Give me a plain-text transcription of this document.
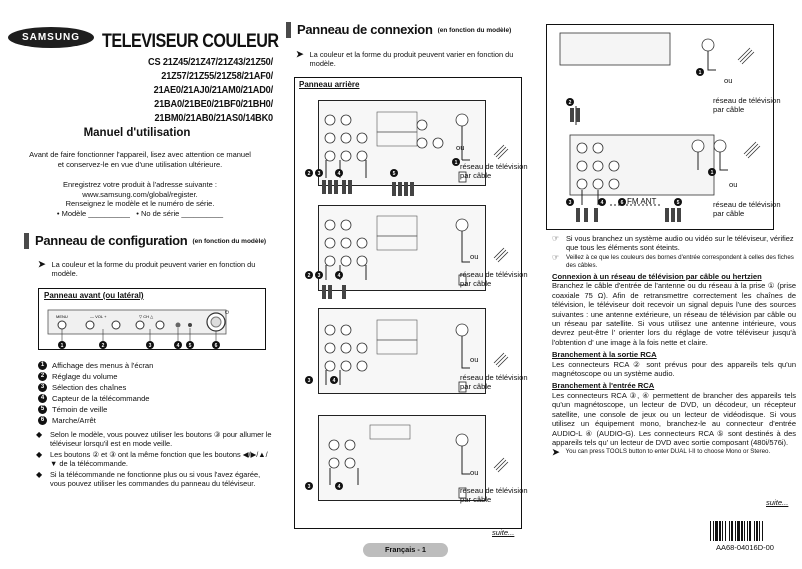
SAMSUNG	TELEVISEUR COULEUR
CS 21Z45/21Z47/21Z43/21Z50/
21Z57/21Z55/21Z58/21AF0/
21AE0/21AJ0/21AM0/21AD0/
21BA0/21BE0/21BF0/21BH0/
21BM0/21AB0/21AS0/14BK0
Manuel d'utilisation
Avant de faire fonctionner l'appareil, lisez avec attention ce manuel et conservez-le en vue d'une utilisation ultérieure.
Enregistrez votre produit à l'adresse suivante :
www.samsung.com/global/register.
Renseignez le modèle et le numéro de série.
• Modèle __________ • No de série __________
Panneau de configuration (en fonction du modèle)
➤ La couleur et la forme du produit peuvent varier en fonction du modèle.
Panneau avant (ou latéral)
MENU	— VOL +	▽ CH △
⏻
1	2	3	4 5	6
1	Affichage des menus à l'écran
2	Réglage du volume
3	Sélection des chaînes
4	Capteur de la télécommande
5	Témoin de veille
6	Marche/Arrêt
◆	Selon le modèle, vous pouvez utiliser les boutons ③ pour allumer le téléviseur lorsqu'il est en mode veille.
◆	Les boutons ② et ③ ont la même fonction que les boutons ◀/▶/▲/▼ de la télécommande.
◆	Si la télécommande ne fonctionne plus ou si vous l'avez égarée, vous pouvez utiliser les commandes du panneau du téléviseur.
Panneau de connexion (en fonction du modèle)
➤ La couleur et la forme du produit peuvent varier en fonction du modèle.
Panneau arrière
2 3	4	5
1
2 3	4
3	4
3	4
ou
réseau de télévision par câble
ou
réseau de télévision par câble
ou
réseau de télévision par câble
ou
réseau de télévision par câble
suite...
Français - 1
2
1
1
3	4	6	5
ou
réseau de télévision par câble
ou
réseau de télévision par câble
FM ANT
☞ Si vous branchez un système audio ou vidéo sur le téléviseur, vérifiez que tous les éléments sont éteints.
☞	Veillez à ce que les couleurs des bornes d'entrée correspondent à celles des fiches des câbles.
Connexion à un réseau de télévision par câble ou hertzien
Branchez le câble d'entrée de l'antenne ou du réseau à la prise ① (prise coaxiale 75 Ω). Afin de retransmettre correctement les chaînes de télévision, le téléviseur doit recevoir un signal depuis l'une des sources suivantes : une antenne extérieure, un réseau de télévision par câble ou un réseau par satellite. Si vous utilisez une antenne intérieure, vous devrez peut-être l' orienter lors du réglage de votre téléviseur jusqu'à l'obtention d' une image à la fois nette et claire.
Branchement à la sortie RCA
Les connecteurs RCA ② sont prévus pour des appareils tels qu'un magnétoscope ou un système audio.
Branchement à l'entrée RCA
Les connecteurs RCA ③, ④ permettent de brancher des appareils tels qu'un magnétoscope, un lecteur de DVD, un décodeur, un récepteur satellite, une console de jeux ou un lecteur de vidéodisque. Si vous utilisez un équipement mono, branchez-le au connecteur d'entrée AUDIO-L ④ (AUDIO-G). Les connecteurs RCA ⑤ sont destinés à des appareils tels qu' un lecteur de DVD avec sortie composant (480i/576i).
➤ You can press TOOLS button to enter DUAL I-II to choose Mono or Stereo.
suite...
AA68-04016D-00
